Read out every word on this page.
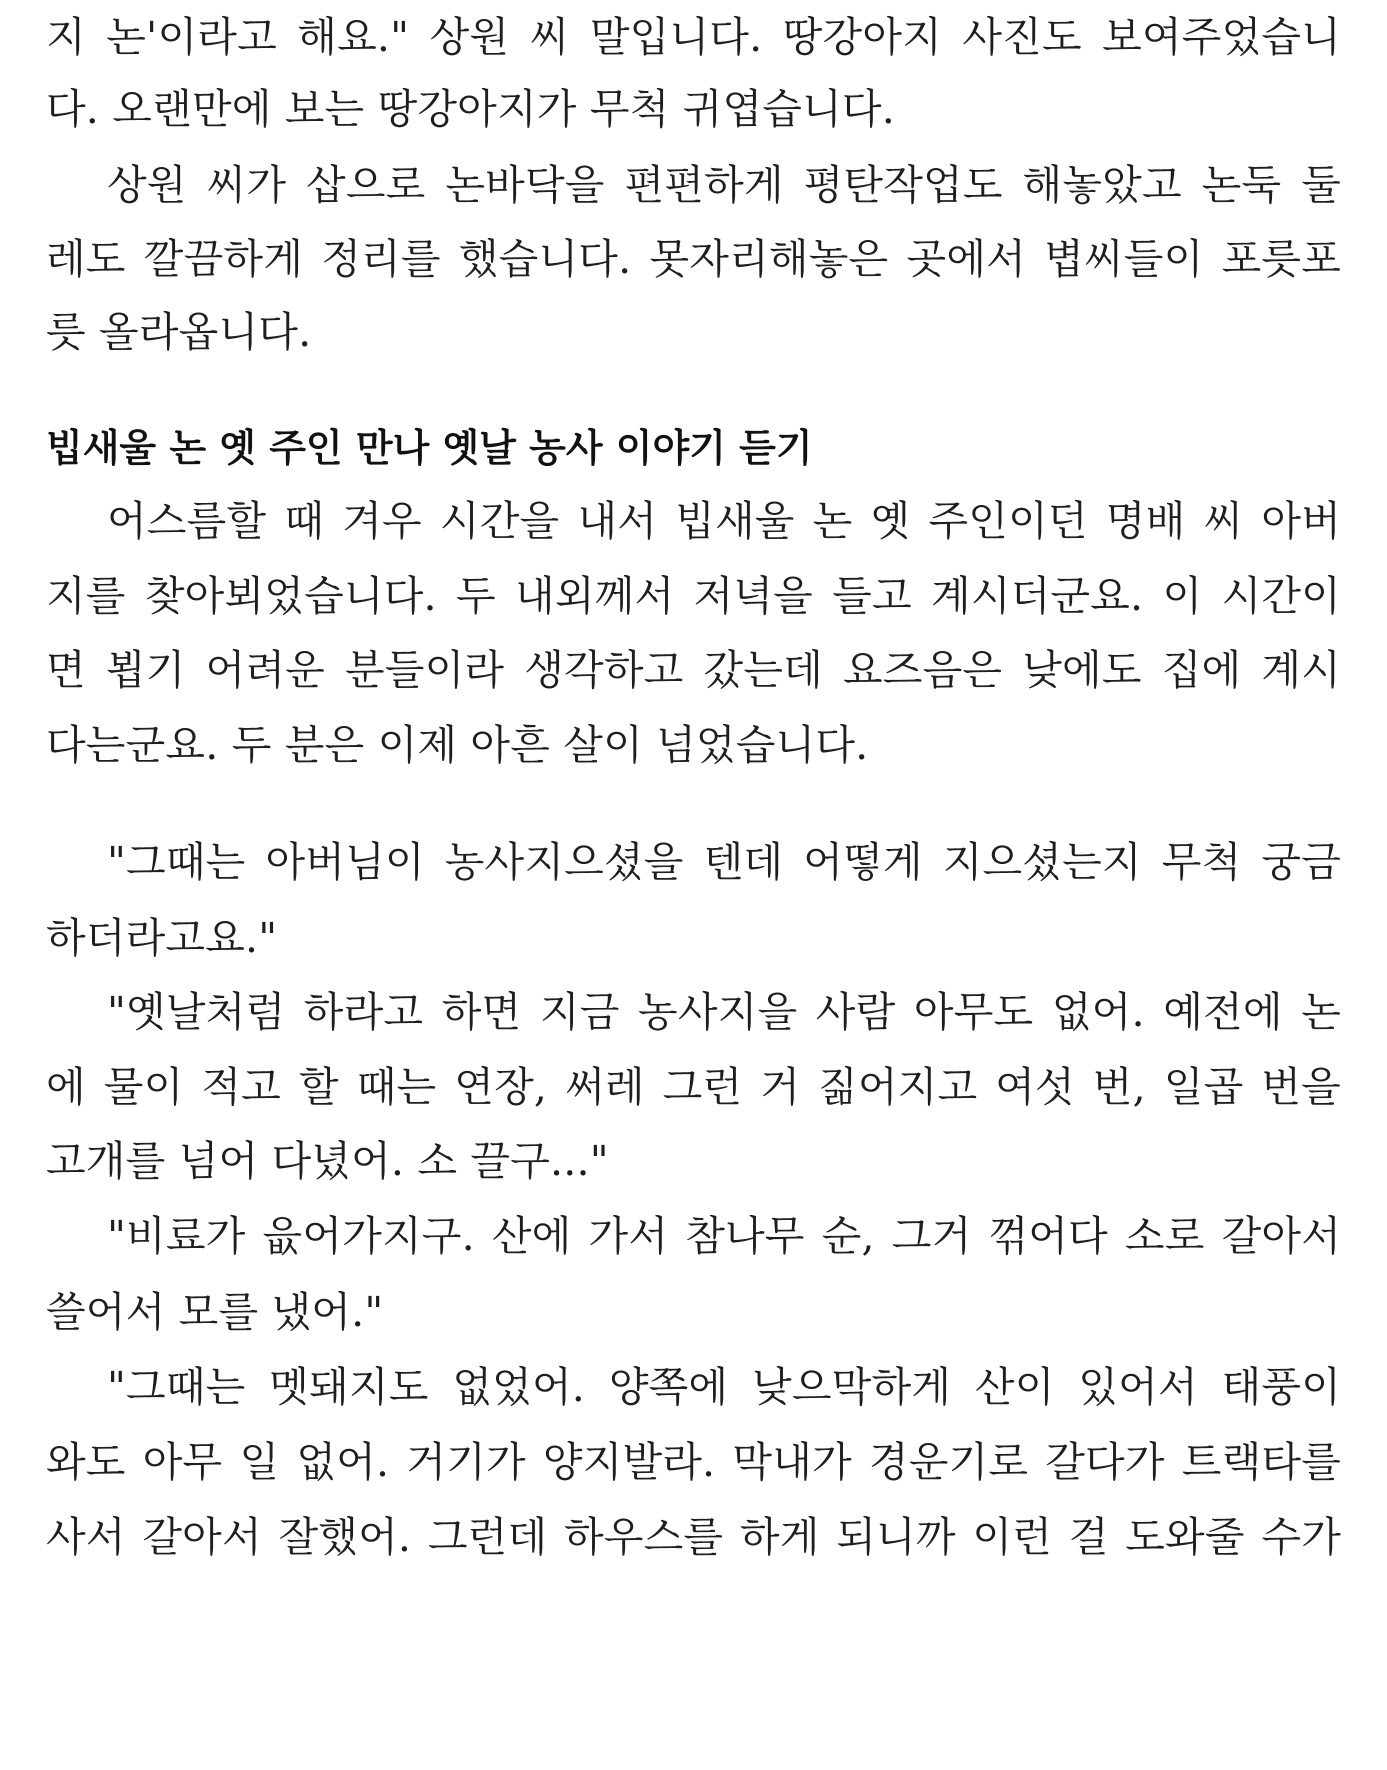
지 논'이라고 해요." 상원 씨 말입니다. 땅강아지 사진도 보여주었습니
다. 오랜만에 보는 땅강아지가 무척 귀엽습니다.
상원 씨가 삽으로 논바닥을 편편하게 평탄작업도 해놓았고 논둑 둘
레도 깔끔하게 정리를 했습니다. 못자리해놓은 곳에서 볍씨들이 포릇포
릇 올라옵니다.
빕새울 논 옛 주인 만나 옛날 농사 이야기 듣기
어스름할 때 겨우 시간을 내서 빕새울 논 옛 주인이던 명배 씨 아버
지를 찾아뵈었습니다. 두 내외께서 저녁을 들고 계시더군요. 이 시간이
면 뵙기 어려운 분들이라 생각하고 갔는데 요즈음은 낮에도 집에 계시
다는군요. 두 분은 이제 아흔 살이 넘었습니다.
"그때는 아버님이 농사지으셨을 텐데 어떻게 지으셨는지 무척 궁금
하더라고요."
"옛날처럼 하라고 하면 지금 농사지을 사람 아무도 없어. 예전에 논
에 물이 적고 할 때는 연장, 써레 그런 거 짊어지고 여섯 번, 일곱 번을
고개를 넘어 다녔어. 소 끌구..."
"비료가 읎어가지구. 산에 가서 참나무 순, 그거 꺾어다 소로 갈아서
쓸어서 모를 냈어."
"그때는 멧돼지도 없었어. 양쪽에 낮으막하게 산이 있어서 태풍이
와도 아무 일 없어. 거기가 양지발라. 막내가 경운기로 갈다가 트랙타를
사서 갈아서 잘했어. 그런데 하우스를 하게 되니까 이런 걸 도와줄 수가
